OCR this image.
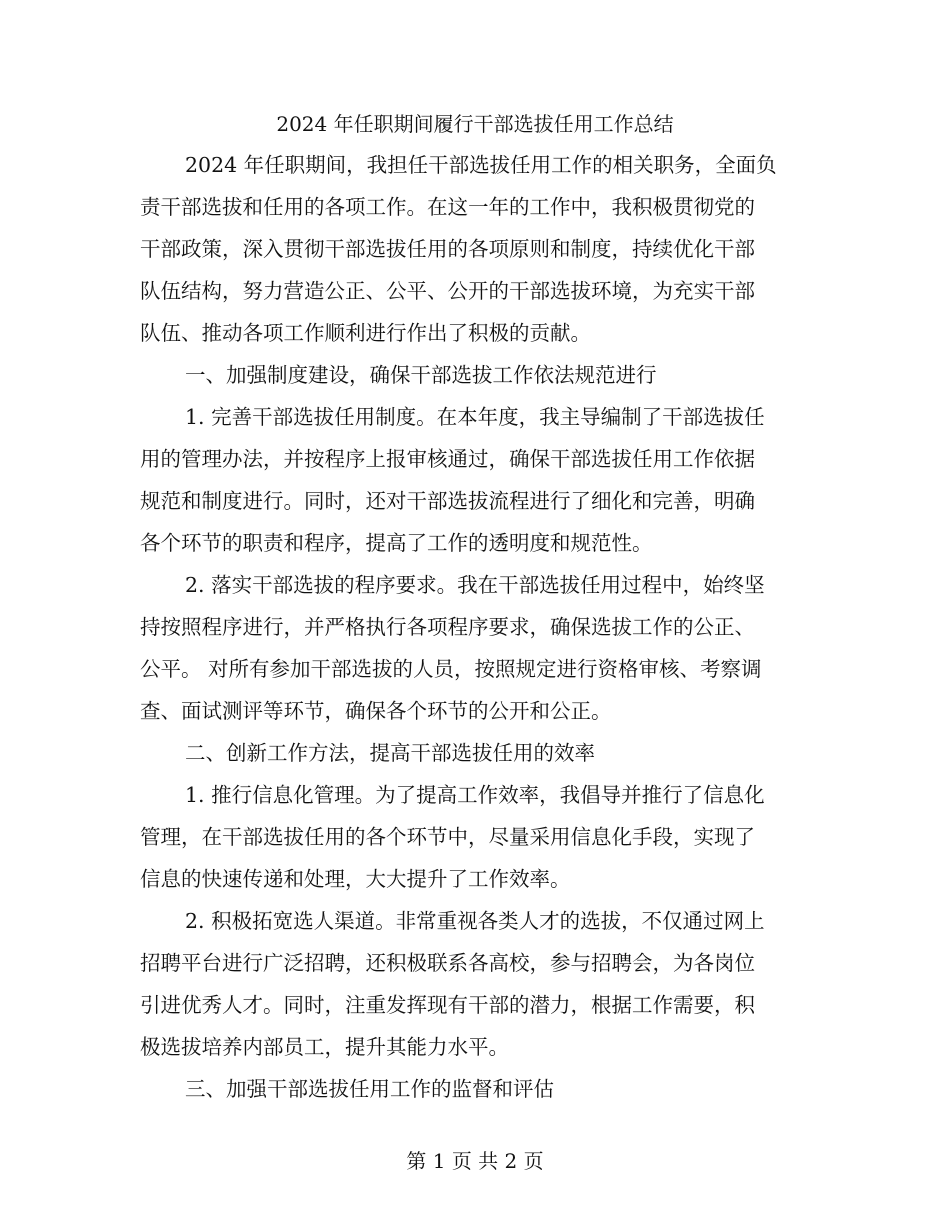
2024 年任职期间履行干部选拔任用工作总结
2024 年任职期间，我担任干部选拔任用工作的相关职务，全面负
责干部选拔和任用的各项工作。在这一年的工作中，我积极贯彻党的
干部政策，深入贯彻干部选拔任用的各项原则和制度，持续优化干部
队伍结构，努力营造公正、公平、公开的干部选拔环境，为充实干部
队伍、推动各项工作顺利进行作出了积极的贡献。
一、加强制度建设，确保干部选拔工作依法规范进行
1. 完善干部选拔任用制度。在本年度，我主导编制了干部选拔任
用的管理办法，并按程序上报审核通过，确保干部选拔任用工作依据
规范和制度进行。同时，还对干部选拔流程进行了细化和完善，明确
各个环节的职责和程序，提高了工作的透明度和规范性。
2. 落实干部选拔的程序要求。我在干部选拔任用过程中，始终坚
持按照程序进行，并严格执行各项程序要求，确保选拔工作的公正、
公平。 对所有参加干部选拔的人员，按照规定进行资格审核、考察调
查、面试测评等环节，确保各个环节的公开和公正。
二、创新工作方法，提高干部选拔任用的效率
1. 推行信息化管理。为了提高工作效率，我倡导并推行了信息化
管理，在干部选拔任用的各个环节中，尽量采用信息化手段，实现了
信息的快速传递和处理，大大提升了工作效率。
2. 积极拓宽选人渠道。非常重视各类人才的选拔，不仅通过网上
招聘平台进行广泛招聘，还积极联系各高校，参与招聘会，为各岗位
引进优秀人才。同时，注重发挥现有干部的潜力，根据工作需要，积
极选拔培养内部员工，提升其能力水平。
三、加强干部选拔任用工作的监督和评估
第 1 页 共 2 页
